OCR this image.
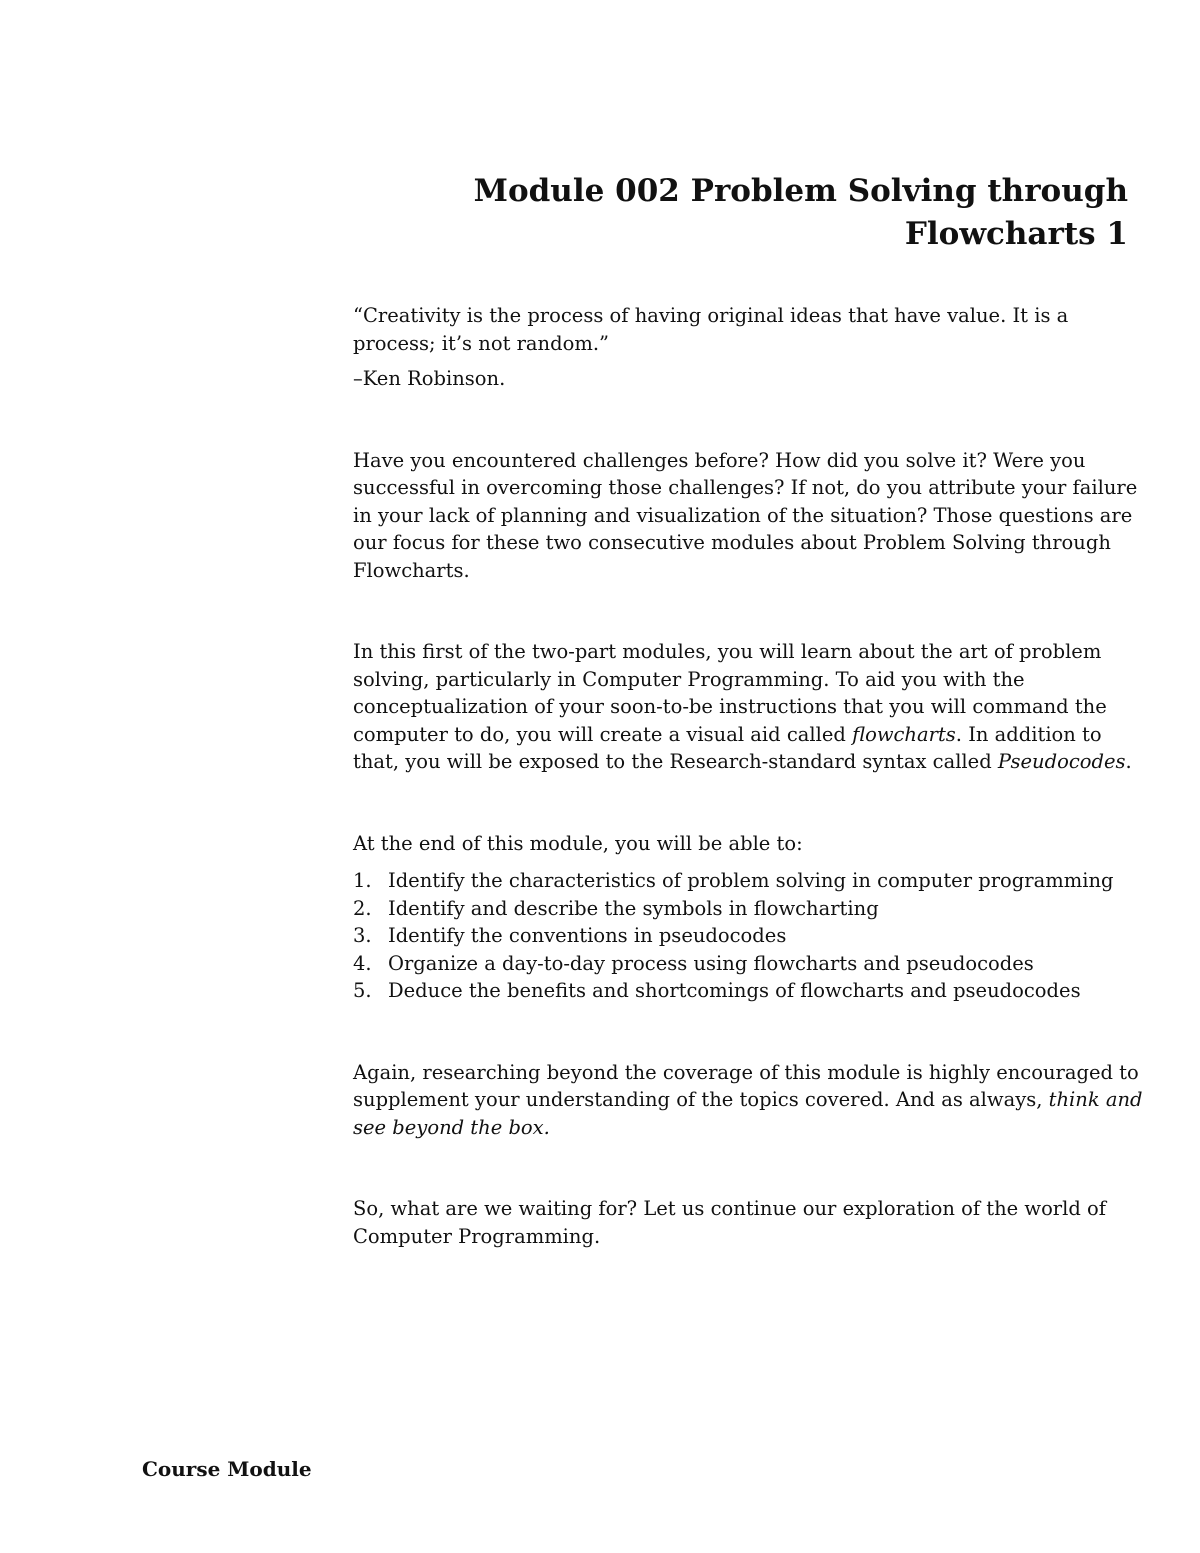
Module 002 Problem Solving through
Flowcharts 1

“Creativity is the process of having original ideas that have value. It is a process; it’s not random.”

–Ken Robinson.

Have you encountered challenges before? How did you solve it? Were you successful in overcoming those challenges? If not, do you attribute your failure in your lack of planning and visualization of the situation? Those questions are our focus for these two consecutive modules about Problem Solving through Flowcharts.

In this first of the two-part modules, you will learn about the art of problem solving, particularly in Computer Programming. To aid you with the conceptualization of your soon-to-be instructions that you will command the computer to do, you will create a visual aid called flowcharts. In addition to that, you will be exposed to the Research-standard syntax called Pseudocodes.

At the end of this module, you will be able to:

1. Identify the characteristics of problem solving in computer programming
2. Identify and describe the symbols in flowcharting
3. Identify the conventions in pseudocodes
4. Organize a day-to-day process using flowcharts and pseudocodes
5. Deduce the benefits and shortcomings of flowcharts and pseudocodes

Again, researching beyond the coverage of this module is highly encouraged to supplement your understanding of the topics covered. And as always, think and see beyond the box.

So, what are we waiting for? Let us continue our exploration of the world of Computer Programming.

Course Module
